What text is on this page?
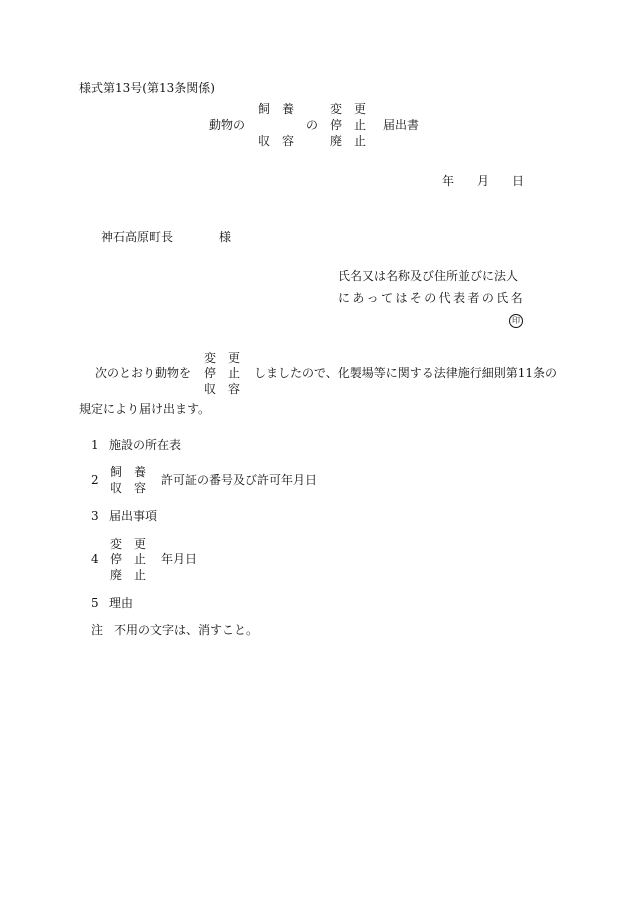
様式第13号(第13条関係)
飼　養	変　更
動物の	の 停　止 届出書
収　容	廃　止
年 月 日
神石高原町長	様
氏名又は名称及び住所並びに法人
にあってはその代表者の氏名
印
変　更
次のとおり動物を 停　止 しましたので、化製場等に関する法律施行細則第11条の
収　容
規定により届け出ます。
1 施設の所在表
飼　養
2	許可証の番号及び許可年月日
収　容
3 届出事項
変　更
4 停　止 年月日
廃　止
5 理由
注 不用の文字は、消すこと。
